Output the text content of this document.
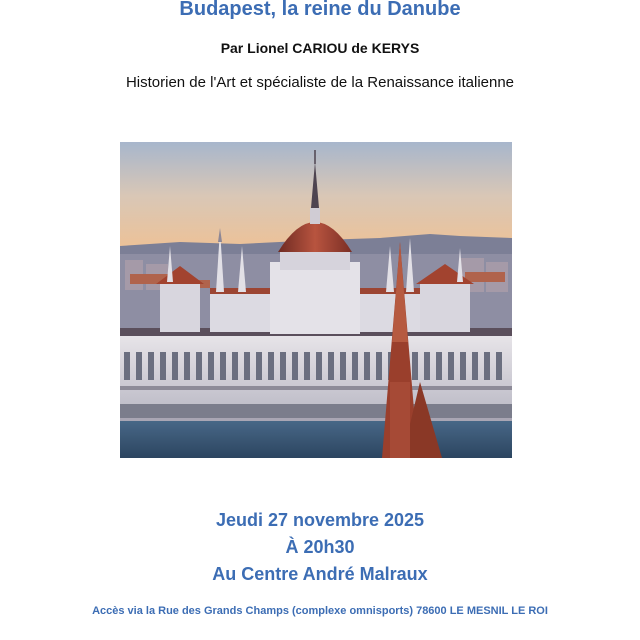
Budapest, la reine du Danube
Par Lionel CARIOU de KERYS
Historien de l'Art et spécialiste de la Renaissance italienne
Jeudi 27 novembre 2025
À 20h30
Au Centre André Malraux
Accès via la Rue des Grands Champs (complexe omnisports) 78600 LE MESNIL LE ROI
